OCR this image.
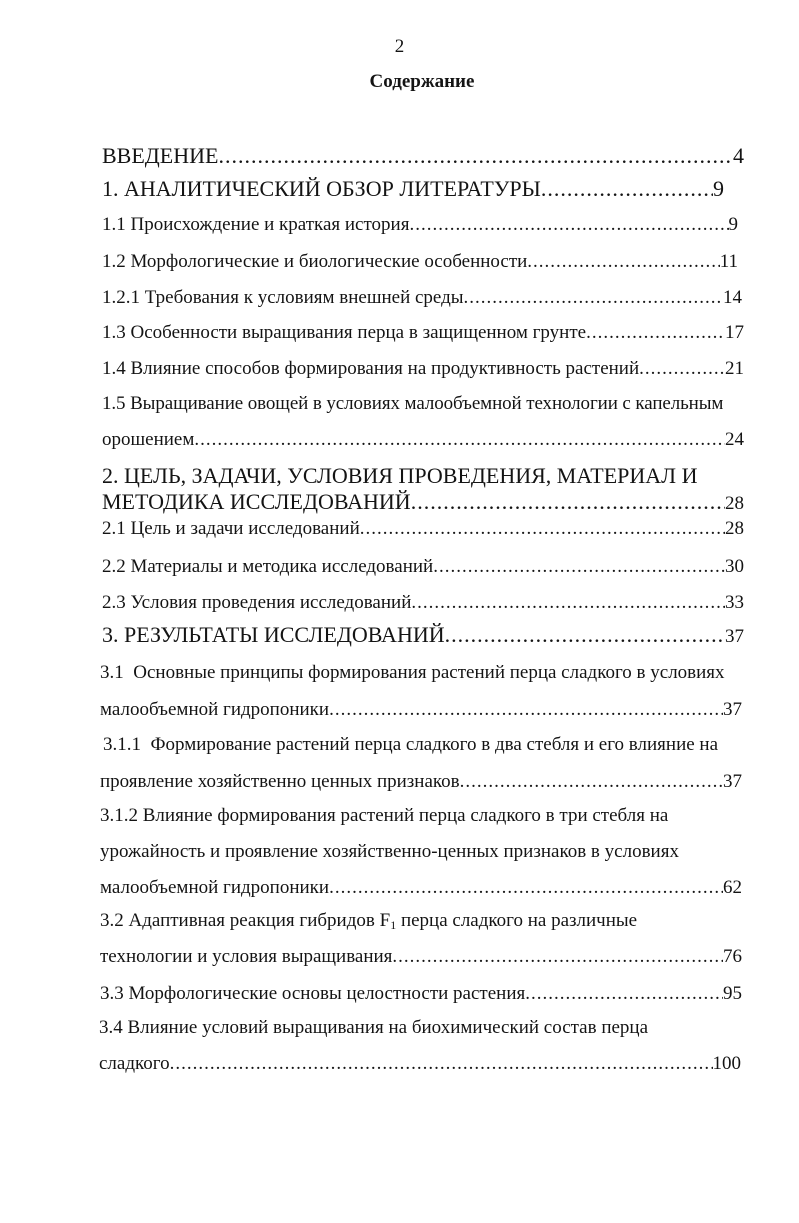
2
Содержание
ВВЕДЕНИЕ .....	4
1. АНАЛИТИЧЕСКИЙ ОБЗОР ЛИТЕРАТУРЫ .....	9
1.1 Происхождение и краткая история .....	9
1.2 Морфологические и биологические особенности .....	11
1.2.1 Требования к условиям внешней среды .....	14
1.3 Особенности выращивания перца в защищенном грунте .....	17
1.4 Влияние способов формирования на продуктивность растений .....	21
1.5 Выращивание овощей в условиях малообъемной технологии с капельным
орошением .....	24
2. ЦЕЛЬ, ЗАДАЧИ, УСЛОВИЯ ПРОВЕДЕНИЯ, МАТЕРИАЛ И
МЕТОДИКА ИССЛЕДОВАНИЙ .....	28
2.1 Цель и задачи исследований .....	28
2.2 Материалы и методика исследований .....	30
2.3 Условия проведения исследований .....	33
3. РЕЗУЛЬТАТЫ ИССЛЕДОВАНИЙ .....	37
3.1  Основные принципы формирования растений перца сладкого в условиях
малообъемной гидропоники .....	37
3.1.1  Формирование растений перца сладкого в два стебля и его влияние на
проявление хозяйственно ценных признаков .....	37
3.1.2 Влияние формирования растений перца сладкого в три стебля на
урожайность и проявление хозяйственно-ценных признаков в условиях
малообъемной гидропоники .....	62
3.2 Адаптивная реакция гибридов $F_1$ перца сладкого на различные
технологии и условия выращивания .....	76
3.3 Морфологические основы целостности растения .....	95
3.4 Влияние условий выращивания на биохимический состав перца
сладкого .....	100
